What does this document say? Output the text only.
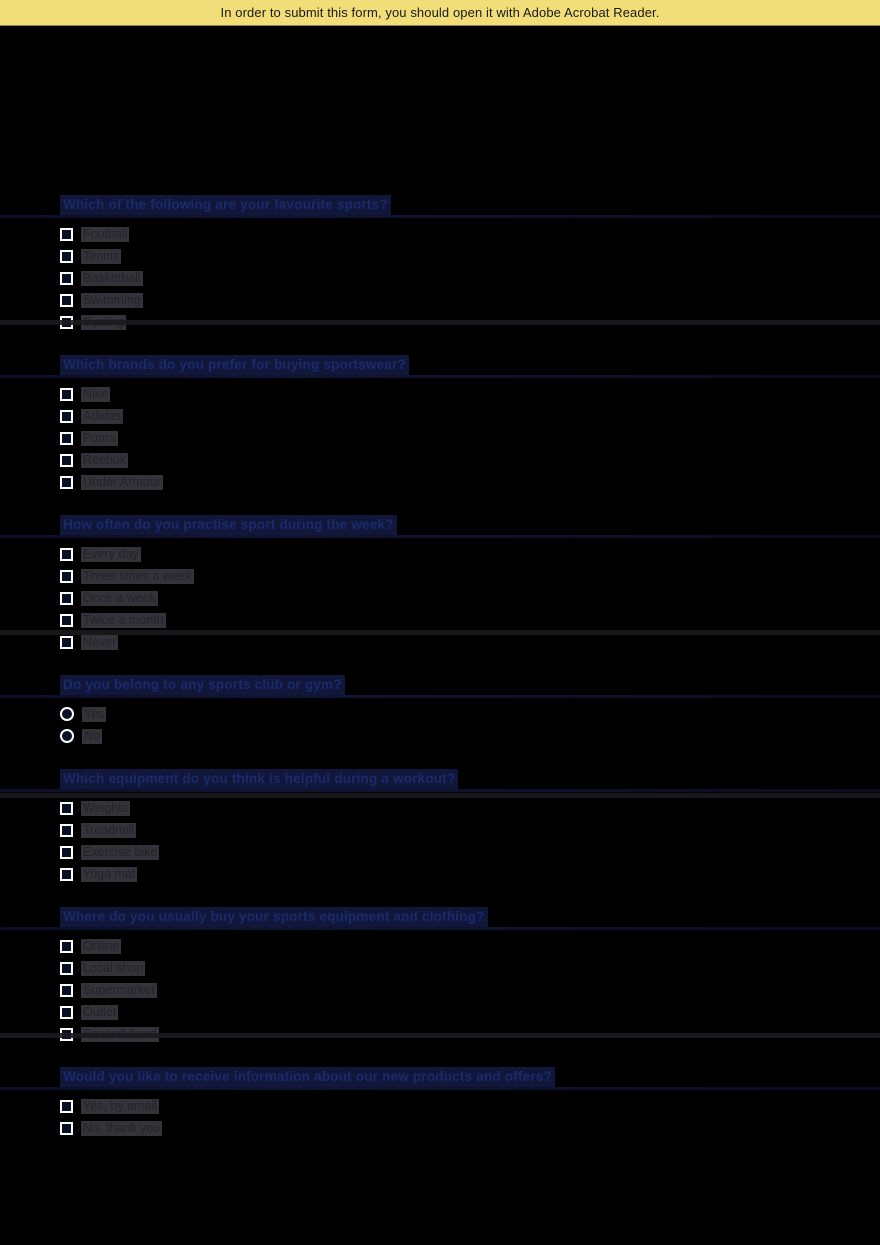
In order to submit this form, you should open it with Adobe Acrobat Reader.
Which of the following are your favourite sports?
Football
Tennis
Basketball
Swimming
Which brands do you prefer for buying sportswear?
Nike
Adidas
Puma
Reebok
Under Armour
How often do you practise sport during the week?
Every day
Three times a week
Once a week
Twice a month
Never
Do you belong to any sports club or gym?
Yes
No
Which equipment do you think is helpful during a workout?
Weights
Treadmill
Exercise bike
Yoga mat
Where do you usually buy your sports equipment and clothing?
Online
Local shop
Supermarket
Outlet
Would you like to receive information about our new products and offers?
Yes, by email
No, thank you
